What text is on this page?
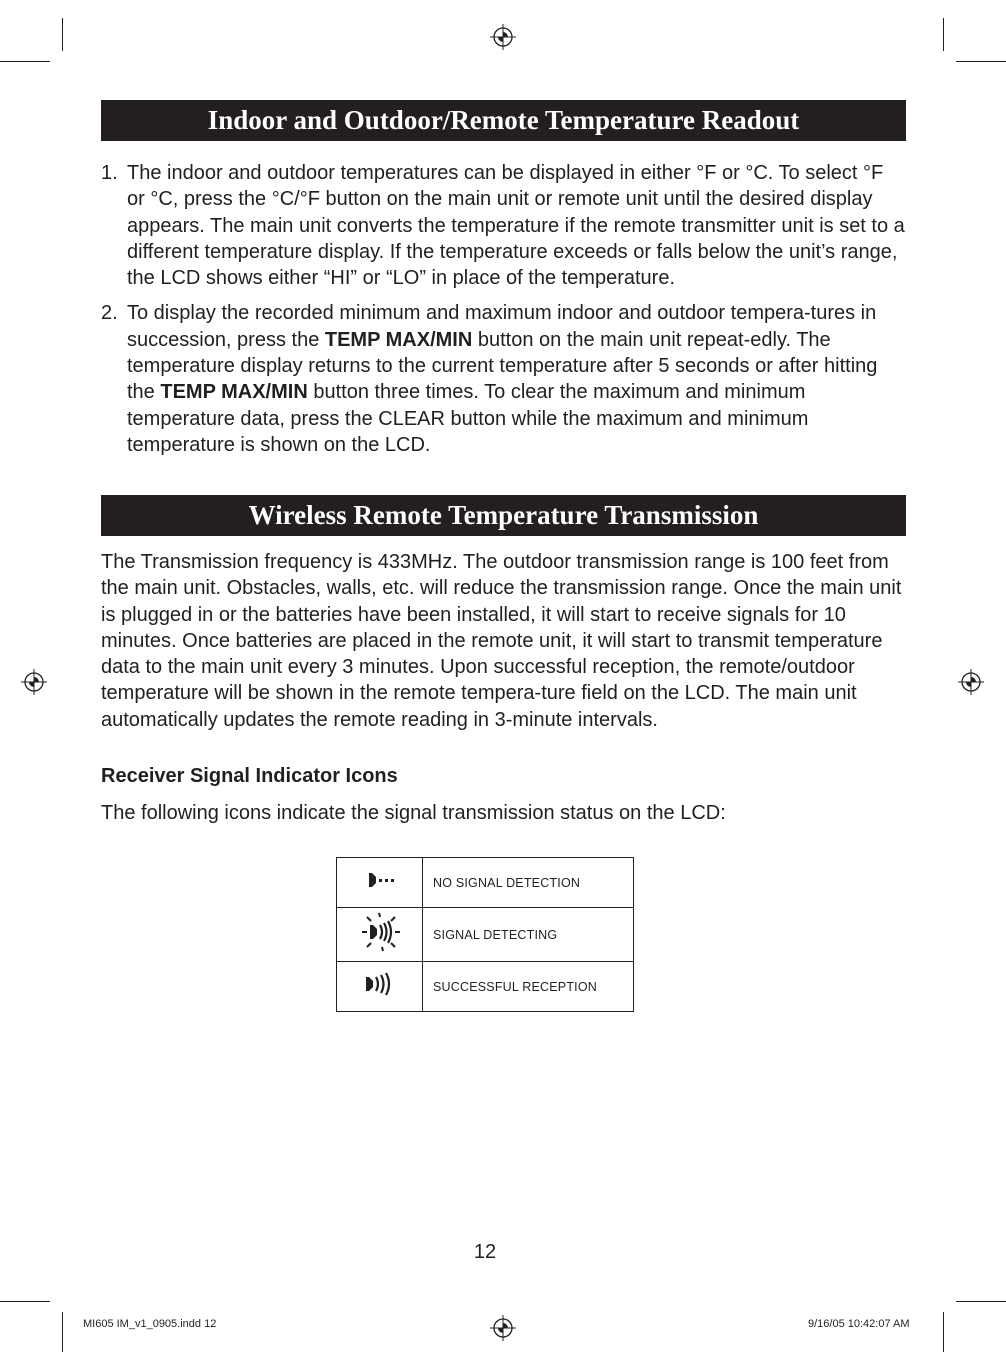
Indoor and Outdoor/Remote Temperature Readout
1. The indoor and outdoor temperatures can be displayed in either °F or °C. To select °F or °C, press the °C/°F button on the main unit or remote unit until the desired display appears. The main unit converts the temperature if the remote transmitter unit is set to a different temperature display. If the temperature exceeds or falls below the unit’s range, the LCD shows either “HI” or “LO” in place of the temperature.
2. To display the recorded minimum and maximum indoor and outdoor tempera-tures in succession, press the TEMP MAX/MIN button on the main unit repeat-edly. The temperature display returns to the current temperature after 5 seconds or after hitting the TEMP MAX/MIN button three times. To clear the maximum and minimum temperature data, press the CLEAR button while the maximum and minimum temperature is shown on the LCD.
Wireless Remote Temperature Transmission

The Transmission frequency is 433MHz. The outdoor transmission range is 100 feet from the main unit. Obstacles, walls, etc. will reduce the transmission range. Once the main unit is plugged in or the batteries have been installed, it will start to receive signals for 10 minutes. Once batteries are placed in the remote unit, it will start to transmit temperature data to the main unit every 3 minutes. Upon successful reception, the remote/outdoor temperature will be shown in the remote tempera-ture field on the LCD. The main unit automatically updates the remote reading in 3-minute intervals.

Receiver Signal Indicator Icons

The following icons indicate the signal transmission status on the LCD:

	NO SIGNAL DETECTION
	SIGNAL DETECTING
	SUCCESSFUL RECEPTION
12
MI605 IM_v1_0905.indd 12	9/16/05 10:42:07 AM
